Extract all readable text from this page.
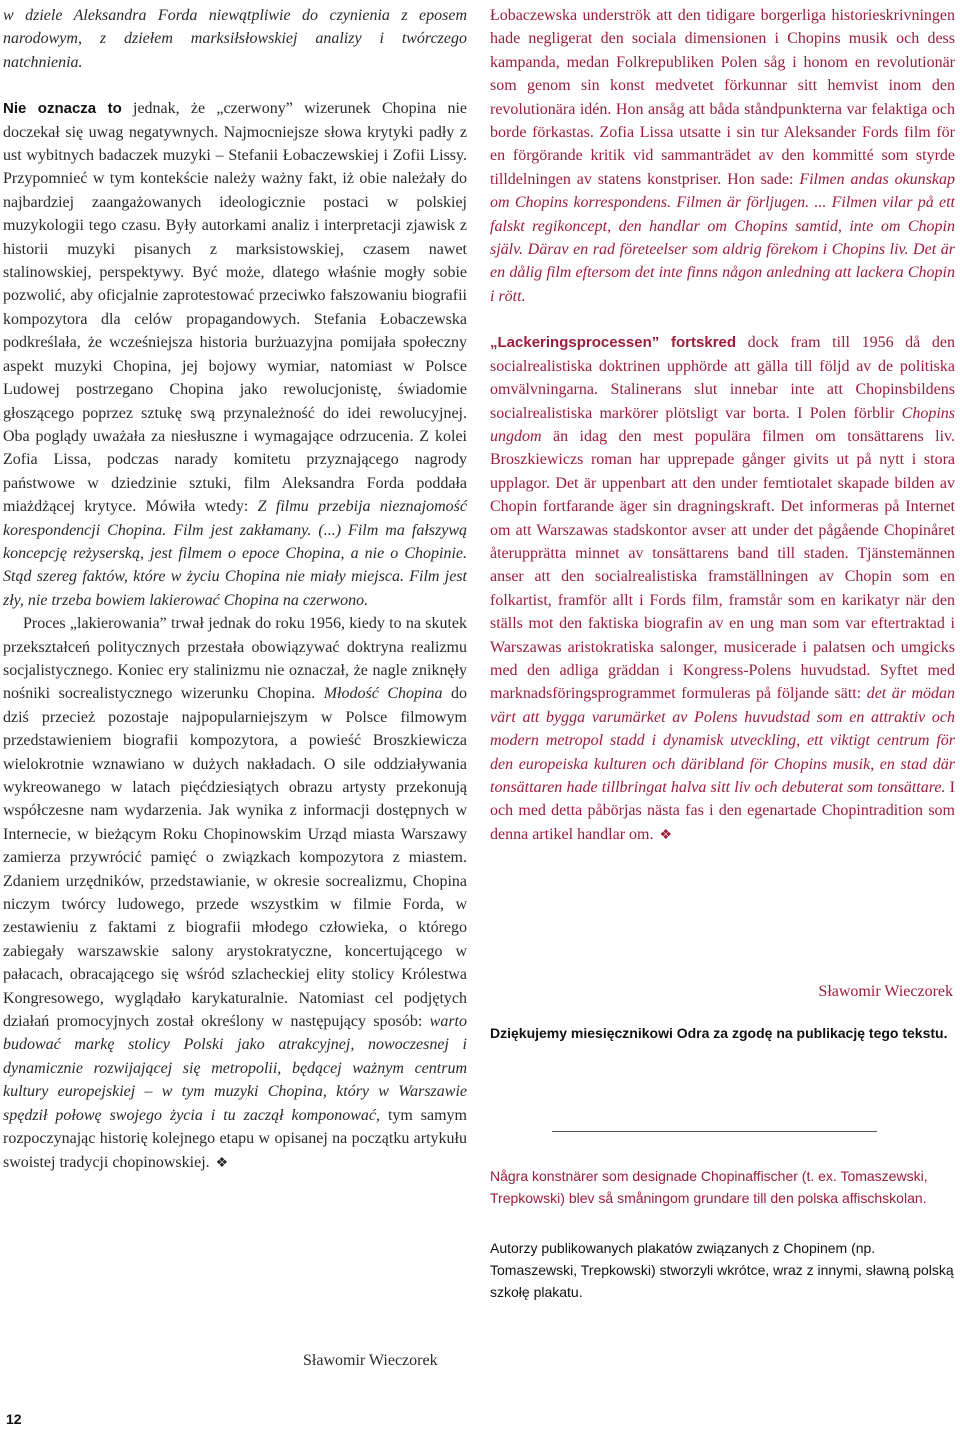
w dziele Aleksandra Forda niewątpliwie do czynienia z eposem narodowym, z dziełem marksiłsłowskiej analizy i twórczego natchnienia.

Nie oznacza to jednak, że „czerwony” wizerunek Chopina nie doczekał się uwag negatywnych. Najmocniejsze słowa krytyki padły z ust wybitnych badaczek muzyki – Stefanii Łobaczewskiej i Zofii Lissy. Przypomnieć w tym kontekście należy ważny fakt, iż obie należały do najbardziej zaangażowanych ideologicznie postaci w polskiej muzykologii tego czasu. Były autorkami analiz i interpretacji zjawisk z historii muzyki pisanych z marksistowskiej, czasem nawet stalinowskiej, perspektywy. Być może, dlatego właśnie mogły sobie pozwolić, aby oficjalnie zaprotestować przeciwko fałszowaniu biografii kompozytora dla celów propagandowych. Stefania Łobaczewska podkreślała, że wcześniejsza historia burżuazyjna pomijała społeczny aspekt muzyki Chopina, jej bojowy wymiar, natomiast w Polsce Ludowej postrzegano Chopina jako rewolucjonistę, świadomie głoszącego poprzez sztukę swą przynależność do idei rewolucyjnej. Oba poglądy uważała za niesłuszne i wymagające odrzucenia. Z kolei Zofia Lissa, podczas narady komitetu przyznającego nagrody państwowe w dziedzinie sztuki, film Aleksandra Forda poddała miażdżącej krytyce. Mówiła wtedy: Z filmu przebija nieznajomość korespondencji Chopina. Film jest zakłamany. (...) Film ma fałszywą koncepcję reżyserską, jest filmem o epoce Chopina, a nie o Chopinie. Stąd szereg faktów, które w życiu Chopina nie miały miejsca. Film jest zły, nie trzeba bowiem lakierować Chopina na czerwono.

Proces „lakierowania” trwał jednak do roku 1956, kiedy to na skutek przekształceń politycznych przestała obowiązywać doktryna realizmu socjalistycznego. Koniec ery stalinizmu nie oznaczał, że nagle zniknęły nośniki socrealistycznego wizerunku Chopina. Młodość Chopina do dziś przecież pozostaje najpopularniejszym w Polsce filmowym przedstawieniem biografii kompozytora, a powieść Broszkiewicza wielokrotnie wznawiano w dużych nakładach. O sile oddziaływania wykreowanego w latach pięćdziesiątych obrazu artysty przekonują współczesne nam wydarzenia. Jak wynika z informacji dostępnych w Internecie, w bieżącym Roku Chopinowskim Urząd miasta Warszawy zamierza przywrócić pamięć o związkach kompozytora z miastem. Zdaniem urzędników, przedstawianie, w okresie socrealizmu, Chopina niczym twórcy ludowego, przede wszystkim w filmie Forda, w zestawieniu z faktami z biografii młodego człowieka, o którego zabiegały warszawskie salony arystokratyczne, koncertującego w pałacach, obracającego się wśród szlacheckiej elity stolicy Królestwa Kongresowego, wyglądało karykaturalnie. Natomiast cel podjętych działań promocyjnych został określony w następujący sposób: warto budować markę stolicy Polski jako atrakcyjnej, nowoczesnej i dynamicznie rozwijającej się metropolii, będącej ważnym centrum kultury europejskiej – w tym muzyki Chopina, który w Warszawie spędził połowę swojego życia i tu zaczął komponować, tym samym rozpoczynając historię kolejnego etapu w opisanej na początku artykułu swoistej tradycji chopinowskiej. ❖

Sławomir Wieczorek

Łobaczewska underströk att den tidigare borgerliga historieskrivningen hade negligerat den sociala dimensionen i Chopins musik och dess kampanda, medan Folkrepubliken Polen såg i honom en revolutionär som genom sin konst medvetet förkunnar sitt hemvist inom den revolutionära idén. Hon ansåg att båda ståndpunkterna var felaktiga och borde förkastas. Zofia Lissa utsatte i sin tur Aleksander Fords film för en förgörande kritik vid sammanträdet av den kommitté som styrde tilldelningen av statens konstpriser. Hon sade: Filmen andas okunskap om Chopins korrespondens. Filmen är förljugen. ... Filmen vilar på ett falskt regikoncept, den handlar om Chopins samtid, inte om Chopin själv. Därav en rad företeelser som aldrig förekom i Chopins liv. Det är en dålig film eftersom det inte finns någon anledning att lackera Chopin i rött.

„Lackeringsprocessen” fortskred dock fram till 1956 då den socialrealistiska doktrinen upphörde att gälla till följd av de politiska omvälvningarna. Stalinerans slut innebar inte att Chopinsbildens socialrealistiska markörer plötsligt var borta. I Polen förblir Chopins ungdom än idag den mest populära filmen om tonsättarens liv. Broszkiewiczs roman har upprepade gånger givits ut på nytt i stora upplagor. Det är uppenbart att den under femtiotalet skapade bilden av Chopin fortfarande äger sin dragningskraft. Det informeras på Internet om att Warszawas stadskontor avser att under det pågående Chopinåret återupprätta minnet av tonsättarens band till staden. Tjänstemännen anser att den socialrealistiska framställningen av Chopin som en folkartist, framför allt i Fords film, framstår som en karikatyr när den ställs mot den faktiska biografin av en ung man som var eftertraktad i Warszawas aristokratiska salonger, musicerade i palatsen och umgicks med den adliga gräddan i Kongress-Polens huvudstad. Syftet med marknadsföringsprogrammet formuleras på följande sätt: det är mödan värt att bygga varumärket av Polens huvudstad som en attraktiv och modern metropol stadd i dynamisk utveckling, ett viktigt centrum för den europeiska kulturen och däribland för Chopins musik, en stad där tonsättaren hade tillbringat halva sitt liv och debuterat som tonsättare. I och med detta påbörjas nästa fas i den egenartade Chopintradition som denna artikel handlar om. ❖

Sławomir Wieczorek
Dziękujemy miesięcznikowi Odra za zgodę na publikację tego tekstu.
Några konstnärer som designade Chopinaffischer (t. ex. Tomaszewski, Trepkowski) blev så småningom grundare till den polska affischskolan.
Autorzy publikowanych plakatów związanych z Chopinem (np. Tomaszewski, Trepkowski) stworzyli wkrótce, wraz z innymi, sławną polską szkołę plakatu.
12
